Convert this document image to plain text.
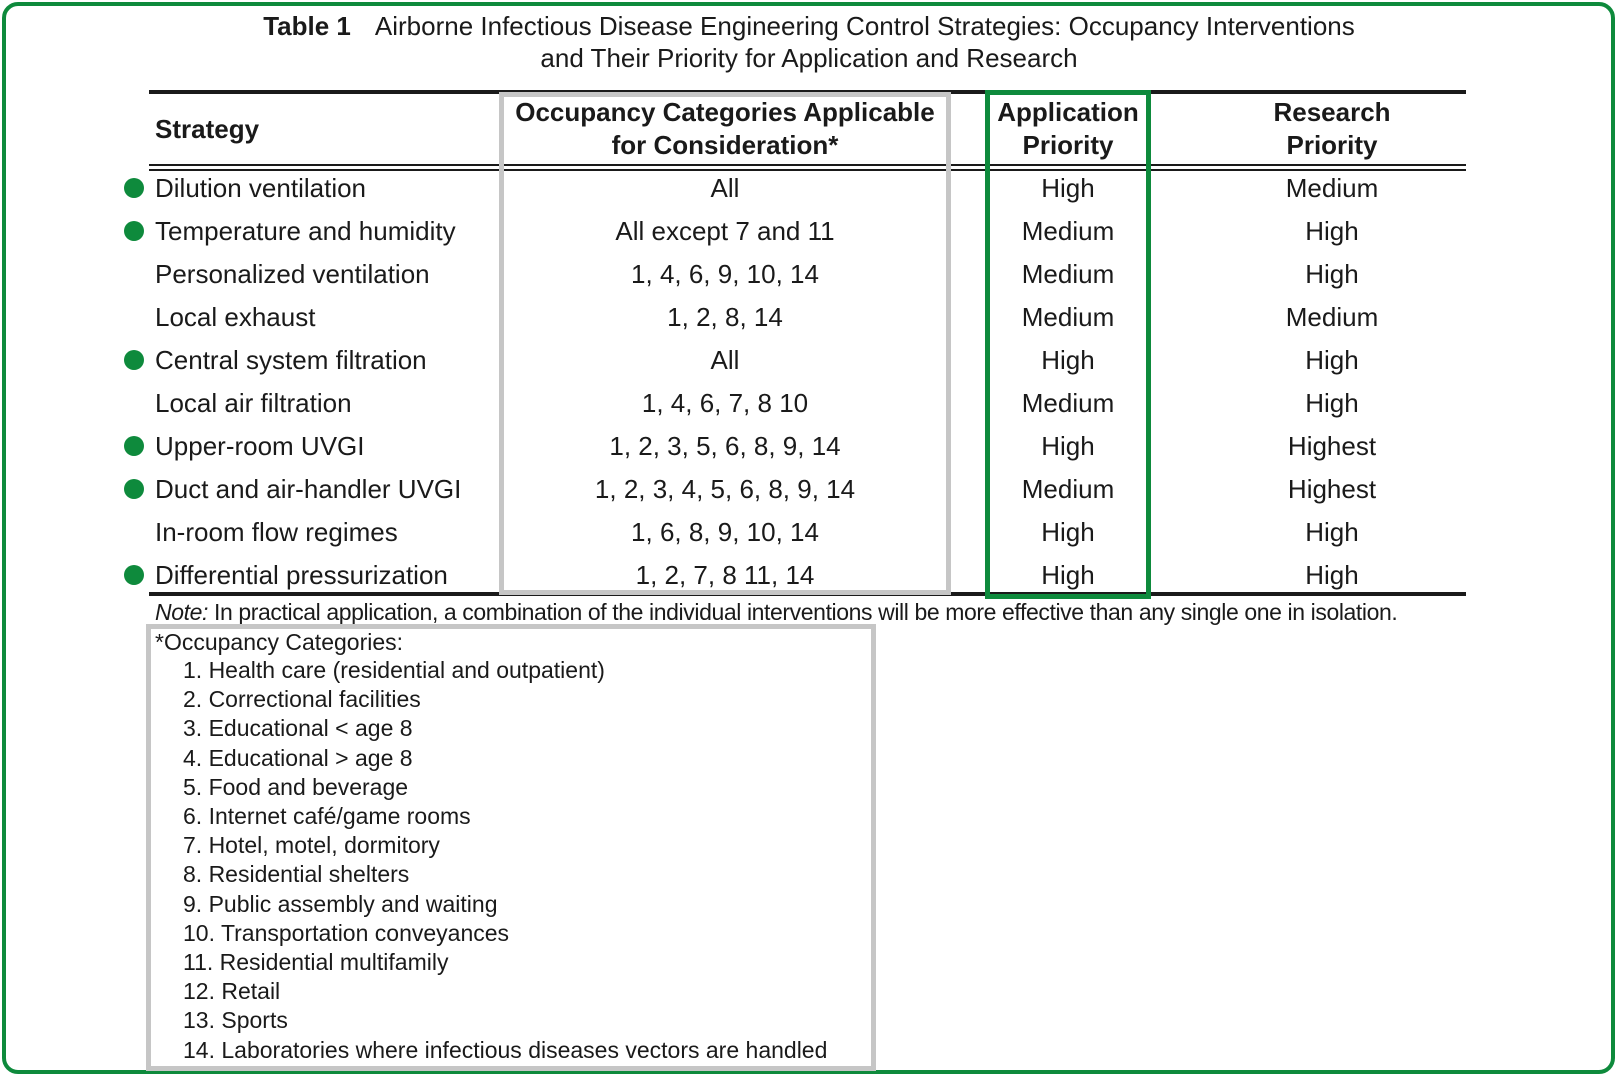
Table 1 Airborne Infectious Disease Engineering Control Strategies: Occupancy Interventions
and Their Priority for Application and Research
Strategy
Occupancy Categories Applicable
for Consideration*
Application
Priority
Research
Priority
Dilution ventilation	All	High	Medium
Temperature and humidity	All except 7 and 11	Medium	High
Personalized ventilation	1, 4, 6, 9, 10, 14	Medium	High
Local exhaust	1, 2, 8, 14	Medium	Medium
Central system filtration	All	High	High
Local air filtration	1, 4, 6, 7, 8 10	Medium	High
Upper-room UVGI	1, 2, 3, 5, 6, 8, 9, 14	High	Highest
Duct and air-handler UVGI	1, 2, 3, 4, 5, 6, 8, 9, 14	Medium	Highest
In-room flow regimes	1, 6, 8, 9, 10, 14	High	High
Differential pressurization	1, 2, 7, 8 11, 14	High	High
Note: In practical application, a combination of the individual interventions will be more effective than any single one in isolation.
*Occupancy Categories:
1. Health care (residential and outpatient)
2. Correctional facilities
3. Educational < age 8
4. Educational > age 8
5. Food and beverage
6. Internet café/game rooms
7. Hotel, motel, dormitory
8. Residential shelters
9. Public assembly and waiting
10. Transportation conveyances
11. Residential multifamily
12. Retail
13. Sports
14. Laboratories where infectious diseases vectors are handled
